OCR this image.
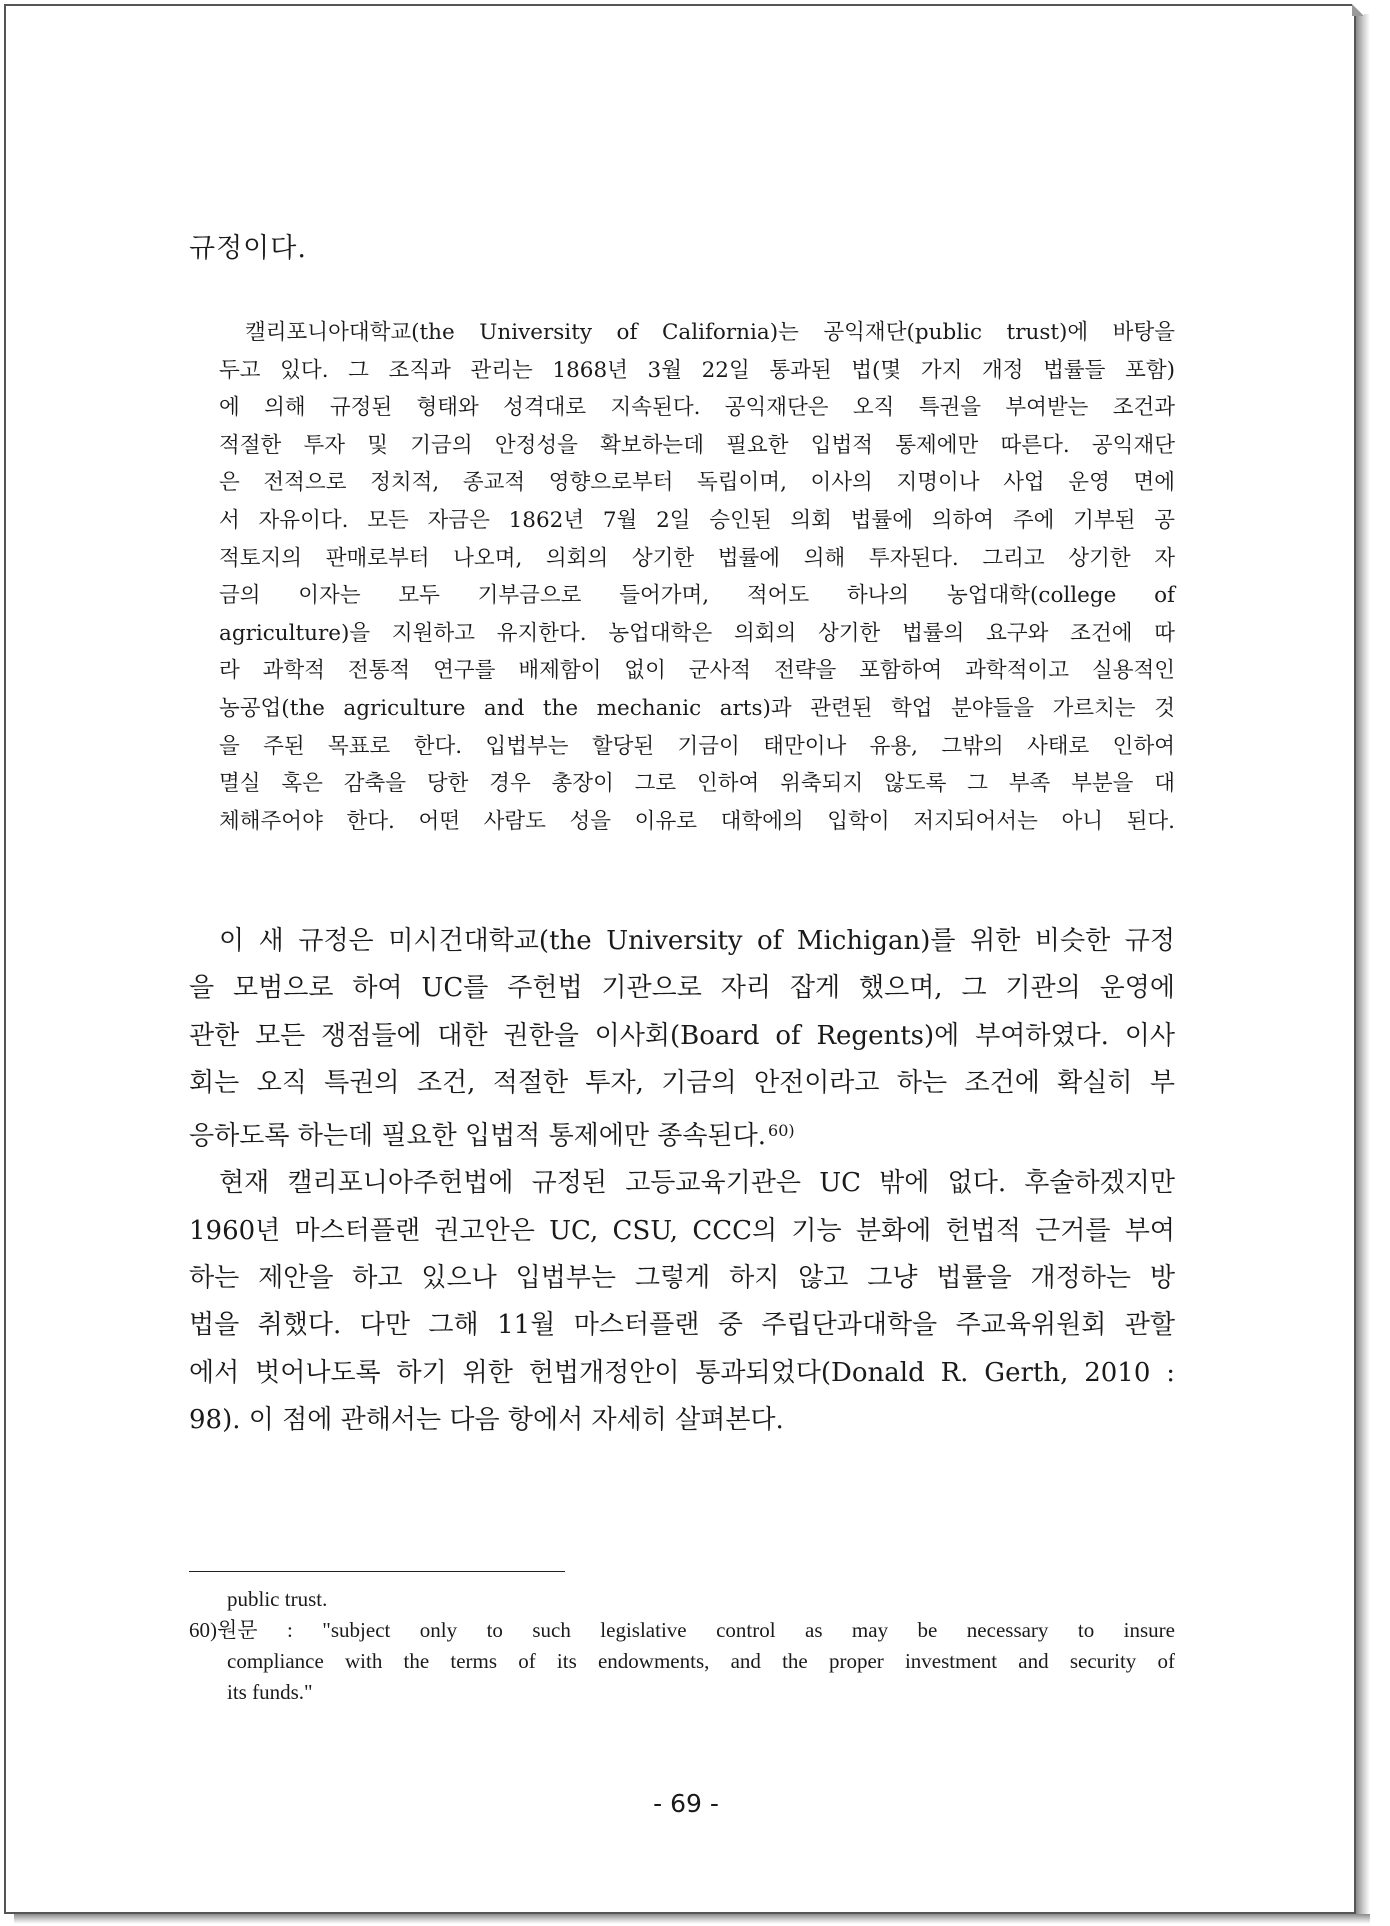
규정이다.

캘리포니아대학교(the University of California)는 공익재단(public trust)에 바탕을

두고 있다. 그 조직과 관리는 1868년 3월 22일 통과된 법(몇 가지 개정 법률들 포함)

에 의해 규정된 형태와 성격대로 지속된다. 공익재단은 오직 특권을 부여받는 조건과

적절한 투자 및 기금의 안정성을 확보하는데 필요한 입법적 통제에만 따른다. 공익재단

은 전적으로 정치적, 종교적 영향으로부터 독립이며, 이사의 지명이나 사업 운영 면에

서 자유이다. 모든 자금은 1862년 7월 2일 승인된 의회 법률에 의하여 주에 기부된 공

적토지의 판매로부터 나오며, 의회의 상기한 법률에 의해 투자된다. 그리고 상기한 자

금의 이자는 모두 기부금으로 들어가며, 적어도 하나의 농업대학(college of

agriculture)을 지원하고 유지한다. 농업대학은 의회의 상기한 법률의 요구와 조건에 따

라 과학적 전통적 연구를 배제함이 없이 군사적 전략을 포함하여 과학적이고 실용적인

농공업(the agriculture and the mechanic arts)과 관련된 학업 분야들을 가르치는 것

을 주된 목표로 한다. 입법부는 할당된 기금이 태만이나 유용, 그밖의 사태로 인하여

멸실 혹은 감축을 당한 경우 총장이 그로 인하여 위축되지 않도록 그 부족 부분을 대

체해주어야 한다. 어떤 사람도 성을 이유로 대학에의 입학이 저지되어서는 아니 된다.

이 새 규정은 미시건대학교(the University of Michigan)를 위한 비슷한 규정

을 모범으로 하여 UC를 주헌법 기관으로 자리 잡게 했으며, 그 기관의 운영에

관한 모든 쟁점들에 대한 권한을 이사회(Board of Regents)에 부여하였다. 이사

회는 오직 특권의 조건, 적절한 투자, 기금의 안전이라고 하는 조건에 확실히 부

응하도록 하는데 필요한 입법적 통제에만 종속된다. $^{60)}$

현재 캘리포니아주헌법에 규정된 고등교육기관은 UC 밖에 없다. 후술하겠지만

1960년 마스터플랜 권고안은 UC, CSU, CCC의 기능 분화에 헌법적 근거를 부여

하는 제안을 하고 있으나 입법부는 그렇게 하지 않고 그냥 법률을 개정하는 방

법을 취했다. 다만 그해 11월 마스터플랜 중 주립단과대학을 주교육위원회 관할

에서 벗어나도록 하기 위한 헌법개정안이 통과되었다(Donald R. Gerth, 2010 :

98). 이 점에 관해서는 다음 항에서 자세히 살펴본다.

public trust.

60)원문 : "subject only to such legislative control as may be necessary to insure

compliance with the terms of its endowments, and the proper investment and security of

its funds."

- 69 -
